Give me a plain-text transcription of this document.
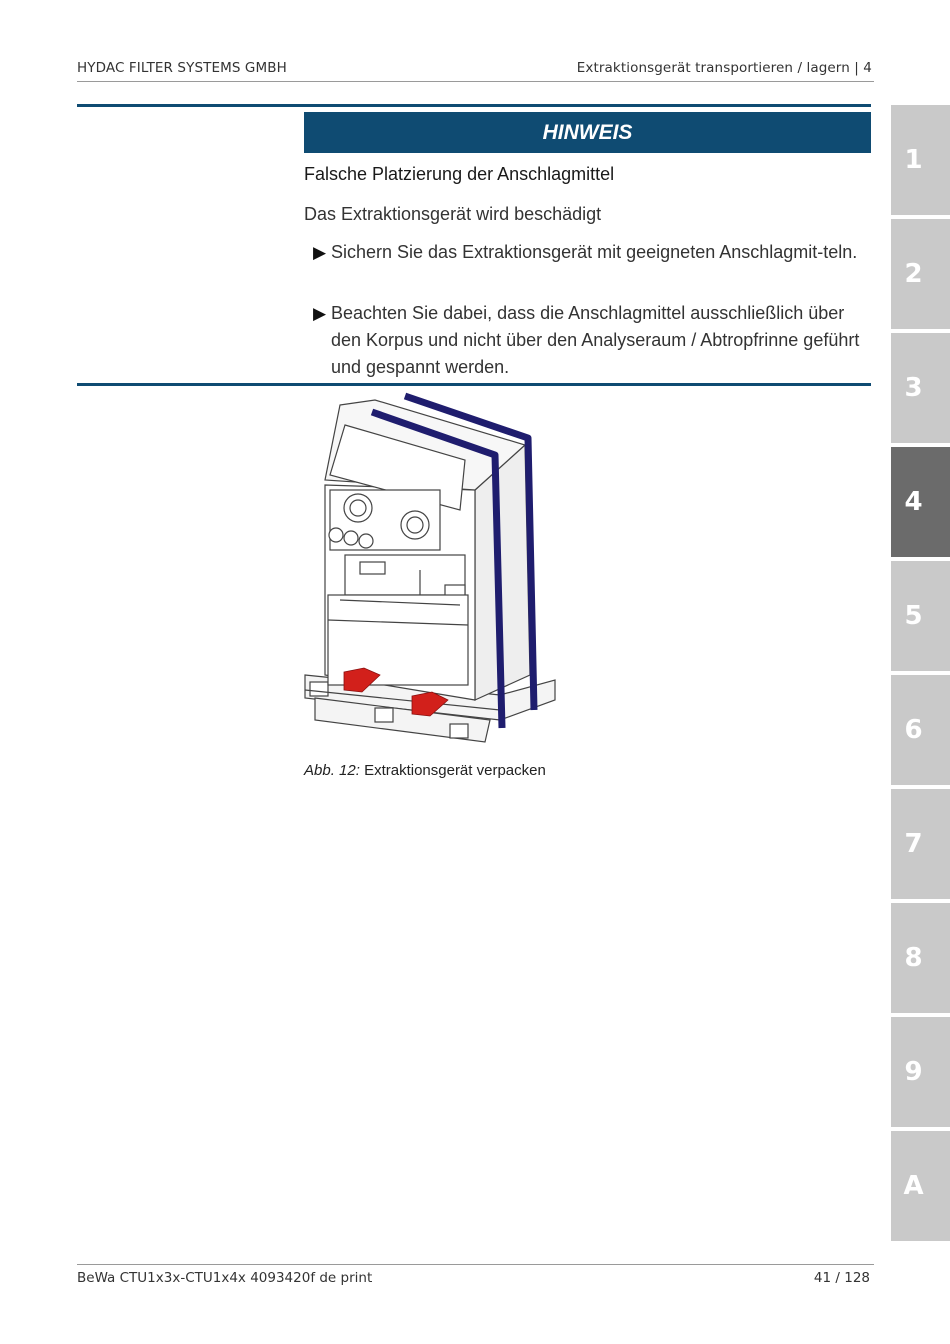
HYDAC FILTER SYSTEMS GMBH	Extraktionsgerät transportieren / lagern | 4
HINWEIS
Falsche Platzierung der Anschlagmittel
Das Extraktionsgerät wird beschädigt
▶ Sichern Sie das Extraktionsgerät mit geeigneten Anschlagmit-teln.
▶ Beachten Sie dabei, dass die Anschlagmittel ausschließlich über den Korpus und nicht über den Analyseraum / Abtropfrinne geführt und gespannt werden.
Abb. 12: Extraktionsgerät verpacken
1
2
3
4
5
6
7
8
9
A
BeWa CTU1x3x-CTU1x4x 4093420f de print	41 / 128
